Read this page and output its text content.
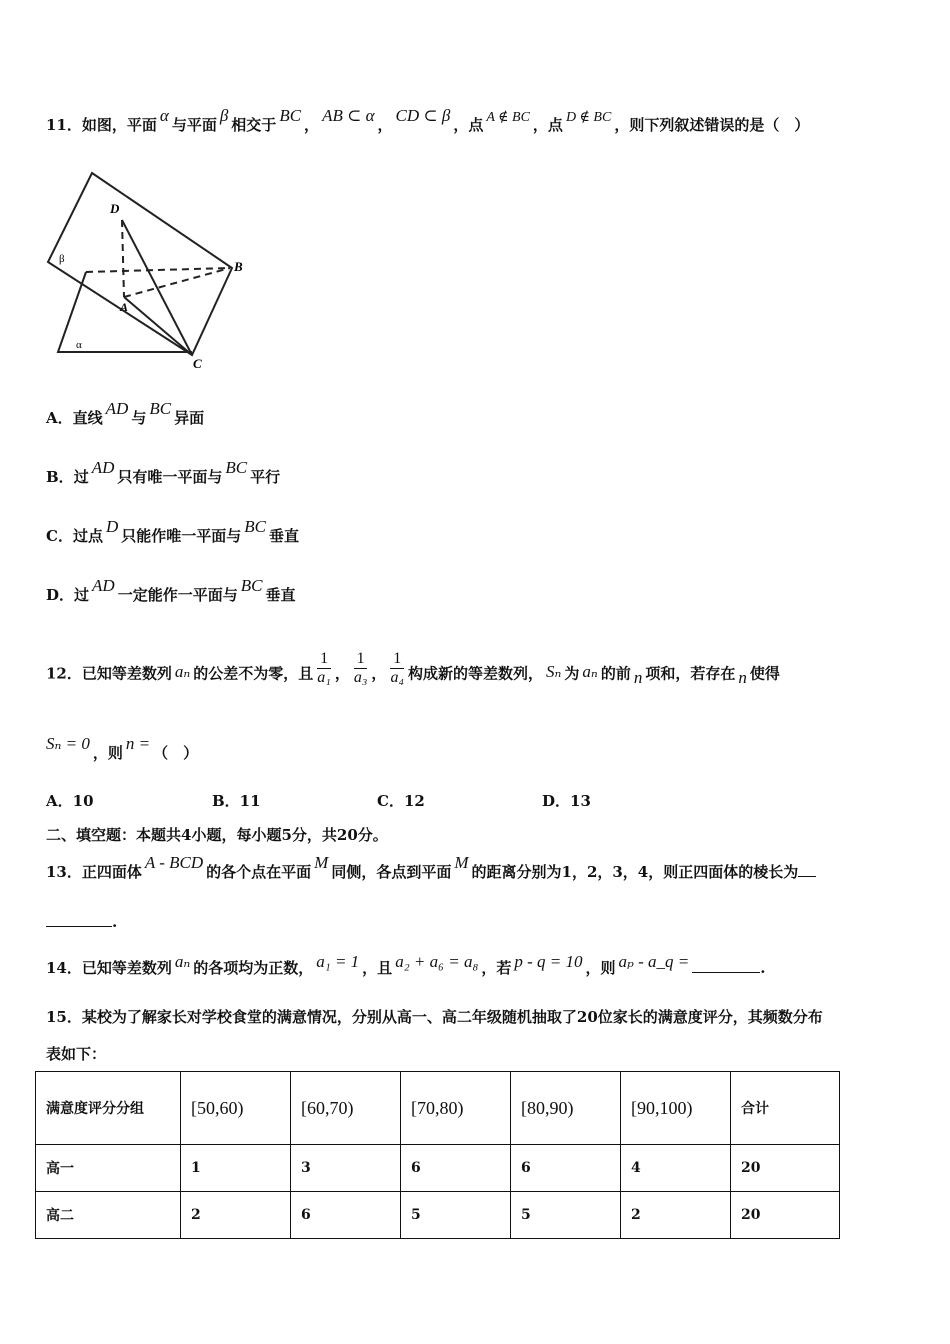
11．如图，平面 α 与平面 β 相交于 BC ， AB ⊂ α ， CD ⊂ β ，点 A ∉ BC ，点 D ∉ BC ，则下列叙述错误的是（　）
D
B
A
C
β
α
A．直线 AD 与 BC 异面
B．过 AD 只有唯一平面与 BC 平行
C．过点 D 只能作唯一平面与 BC 垂直
D．过 AD 一定能作一平面与 BC 垂直
12．已知等差数列 aₙ 的公差不为零，且 $\frac{1}{\text{a₁}}$ ， $\frac{1}{\text{a₃}}$ ， $\frac{1}{\text{a₄}}$ 构成新的等差数列， Sₙ 为 aₙ 的前 n 项和，若存在 n 使得
Sₙ = 0 ，则 n = （　）
A．10	B．11	C．12	D．13
二、填空题：本题共4小题，每小题5分，共20分。
13．正四面体 A - BCD 的各个点在平面 M 同侧，各点到平面 M 的距离分别为1，2，3，4，则正四面体的棱长为
.
14．已知等差数列 aₙ 的各项均为正数， a₁ = 1 ，且 a₂ + a₆ = a₈ ，若 p - q = 10 ，则 aₚ - a_q =	.
15．某校为了解家长对学校食堂的满意情况，分别从高一、高二年级随机抽取了20位家长的满意度评分，其频数分布
表如下：
满意度评分分组	[50,60)	[60,70)	[70,80)	[80,90)	[90,100)	合计
高一	1	3	6	6	4	20
高二	2	6	5	5	2	20
